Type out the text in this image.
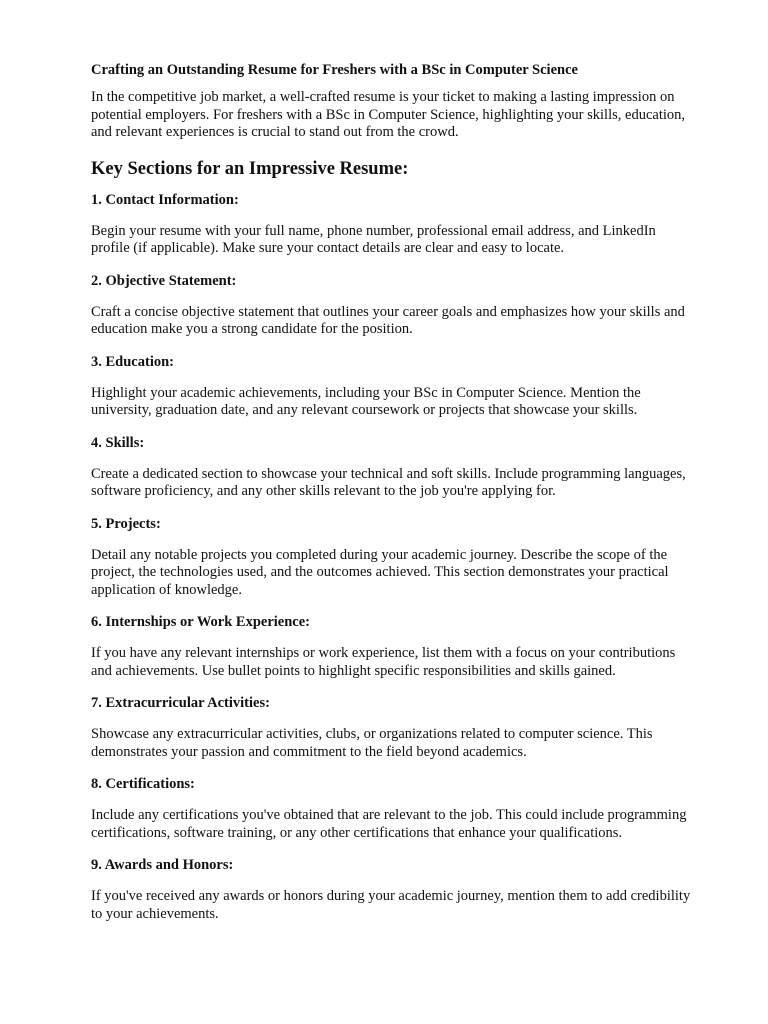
Crafting an Outstanding Resume for Freshers with a BSc in Computer Science
In the competitive job market, a well-crafted resume is your ticket to making a lasting impression on potential employers. For freshers with a BSc in Computer Science, highlighting your skills, education, and relevant experiences is crucial to stand out from the crowd.
Key Sections for an Impressive Resume:
1. Contact Information:
Begin your resume with your full name, phone number, professional email address, and LinkedIn profile (if applicable). Make sure your contact details are clear and easy to locate.
2. Objective Statement:
Craft a concise objective statement that outlines your career goals and emphasizes how your skills and education make you a strong candidate for the position.
3. Education:
Highlight your academic achievements, including your BSc in Computer Science. Mention the university, graduation date, and any relevant coursework or projects that showcase your skills.
4. Skills:
Create a dedicated section to showcase your technical and soft skills. Include programming languages, software proficiency, and any other skills relevant to the job you're applying for.
5. Projects:
Detail any notable projects you completed during your academic journey. Describe the scope of the project, the technologies used, and the outcomes achieved. This section demonstrates your practical application of knowledge.
6. Internships or Work Experience:
If you have any relevant internships or work experience, list them with a focus on your contributions and achievements. Use bullet points to highlight specific responsibilities and skills gained.
7. Extracurricular Activities:
Showcase any extracurricular activities, clubs, or organizations related to computer science. This demonstrates your passion and commitment to the field beyond academics.
8. Certifications:
Include any certifications you've obtained that are relevant to the job. This could include programming certifications, software training, or any other certifications that enhance your qualifications.
9. Awards and Honors:
If you've received any awards or honors during your academic journey, mention them to add credibility to your achievements.
